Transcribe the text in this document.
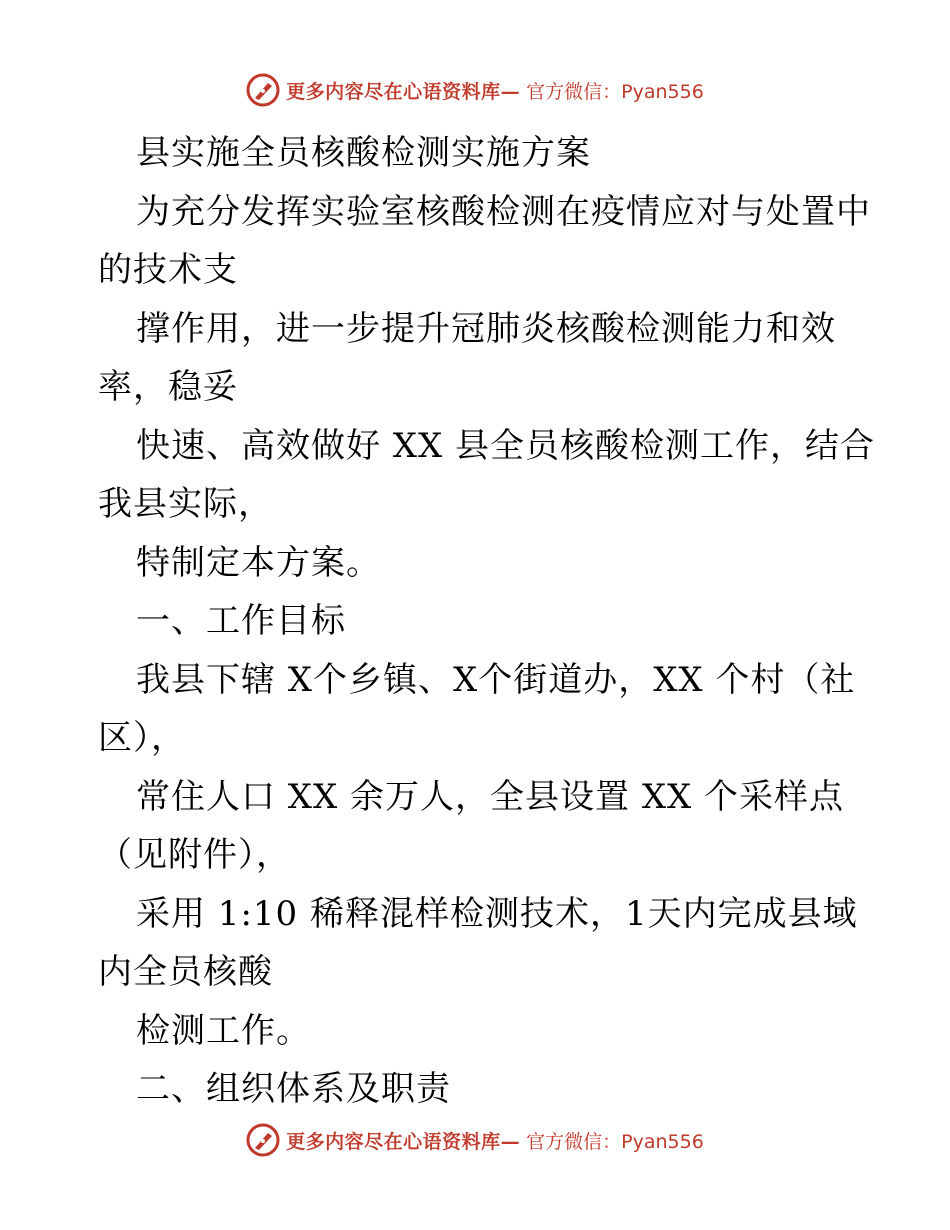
更多内容尽在心语资料库— 官方微信：Pyan556
县实施全员核酸检测实施方案
为充分发挥实验室核酸检测在疫情应对与处置中
的技术支
撑作用，进一步提升冠肺炎核酸检测能力和效
率，稳妥
快速、高效做好 XX 县全员核酸检测工作，结合
我县实际，
特制定本方案。
一、工作目标
我县下辖 X个乡镇、X个街道办，XX 个村（社
区），
常住人口 XX 余万人，全县设置 XX 个采样点
（见附件），
采用 1:10 稀释混样检测技术，1天内完成县域
内全员核酸
检测工作。
二、组织体系及职责
更多内容尽在心语资料库— 官方微信：Pyan556
